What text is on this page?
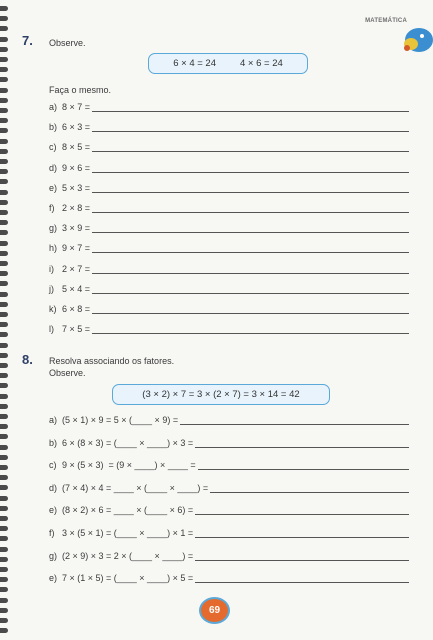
MATEMÁTICA
7. Observe.
6 × 4 = 24	4 × 6 = 24
Faça o mesmo.
a) 8 × 7 =
b) 6 × 3 =
c) 8 × 5 =
d) 9 × 6 =
e) 5 × 3 =
f) 2 × 8 =
g) 3 × 9 =
h) 9 × 7 =
i) 2 × 7 =
j) 5 × 4 =
k) 6 × 8 =
l) 7 × 5 =
8. Resolva associando os fatores.
Observe.
(3 × 2) × 7 = 3 × (2 × 7) = 3 × 14 = 42
a) (5 × 1) × 9 = 5 × (____ × 9) =
b) 6 × (8 × 3) = (____ × ____) × 3 =
c) 9 × (5 × 3)  = (9 × ____) × ____ =
d) (7 × 4) × 4 = ____ × (____ × ____) =
e) (8 × 2) × 6 = ____ × (____ × 6) =
f) 3 × (5 × 1) = (____ × ____) × 1 =
g) (2 × 9) × 3 = 2 × (____ × ____) =
e) 7 × (1 × 5) = (____ × ____) × 5 =
69
